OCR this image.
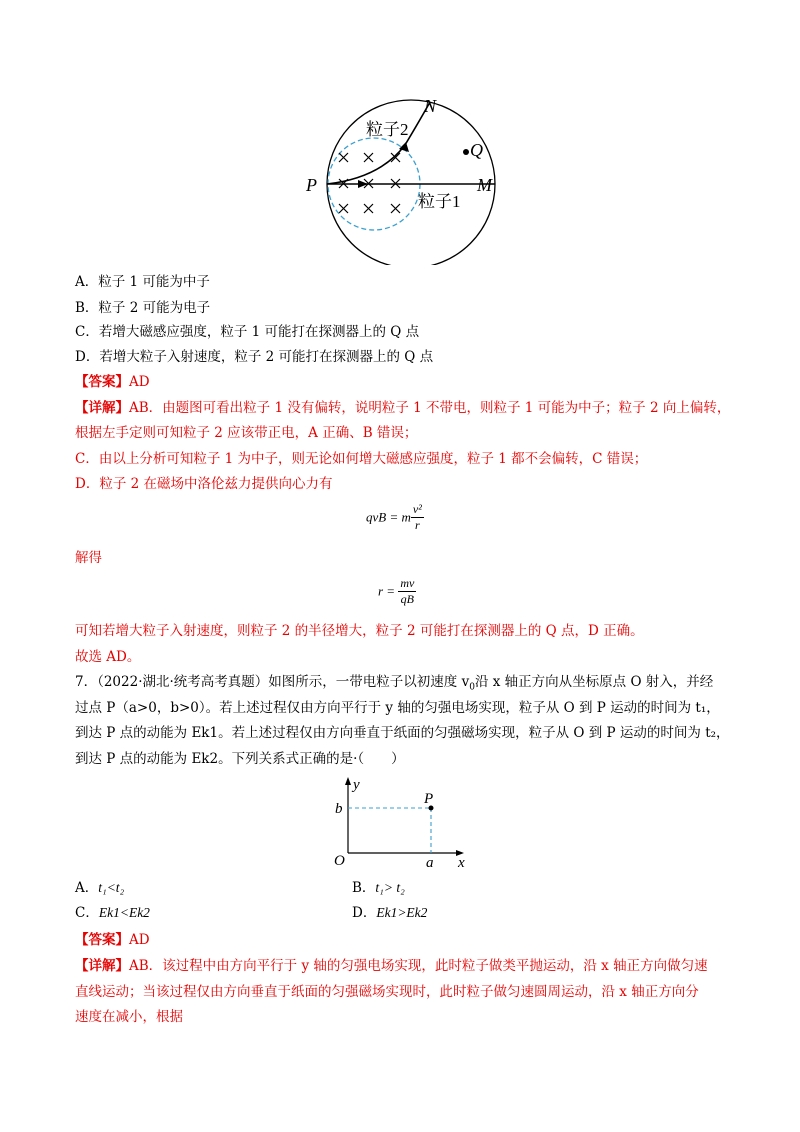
N
Q
P	M
粒子2
粒子1
A．粒子 1 可能为中子
B．粒子 2 可能为电子
C．若增大磁感应强度，粒子 1 可能打在探测器上的 Q 点
D．若增大粒子入射速度，粒子 2 可能打在探测器上的 Q 点
【答案】AD
【详解】AB．由题图可看出粒子 1 没有偏转，说明粒子 1 不带电，则粒子 1 可能为中子；粒子 2 向上偏转，
根据左手定则可知粒子 2 应该带正电，A 正确、B 错误；
C．由以上分析可知粒子 1 为中子，则无论如何增大磁感应强度，粒子 1 都不会偏转，C 错误；
D．粒子 2 在磁场中洛伦兹力提供向心力有
qvB = m $\frac{\text{v²}}{r}$
解得
$r = \frac{mv}{qB}$
可知若增大粒子入射速度，则粒子 2 的半径增大，粒子 2 可能打在探测器上的 Q 点，D 正确。
故选 AD。
7．（2022·湖北·统考高考真题）如图所示，一带电粒子以初速度 $v_0$沿 x 轴正方向从坐标原点 O 射入，并经
过点 P（a>0，b>0）。若上述过程仅由方向平行于 y 轴的匀强电场实现，粒子从 O 到 P 运动的时间为 t₁，
到达 P 点的动能为 Ek1。若上述过程仅由方向垂直于纸面的匀强磁场实现，粒子从 O 到 P 运动的时间为 t₂，
到达 P 点的动能为 Ek2。下列关系式正确的是·（　　）
y
b
P
O	a x
A．t₁<t₂	B．t₁> t₂
C．Ek1<Ek2	D．Ek1>Ek2
【答案】AD
【详解】AB．该过程中由方向平行于 y 轴的匀强电场实现，此时粒子做类平抛运动，沿 x 轴正方向做匀速
直线运动；当该过程仅由方向垂直于纸面的匀强磁场实现时，此时粒子做匀速圆周运动，沿 x 轴正方向分
速度在减小，根据
